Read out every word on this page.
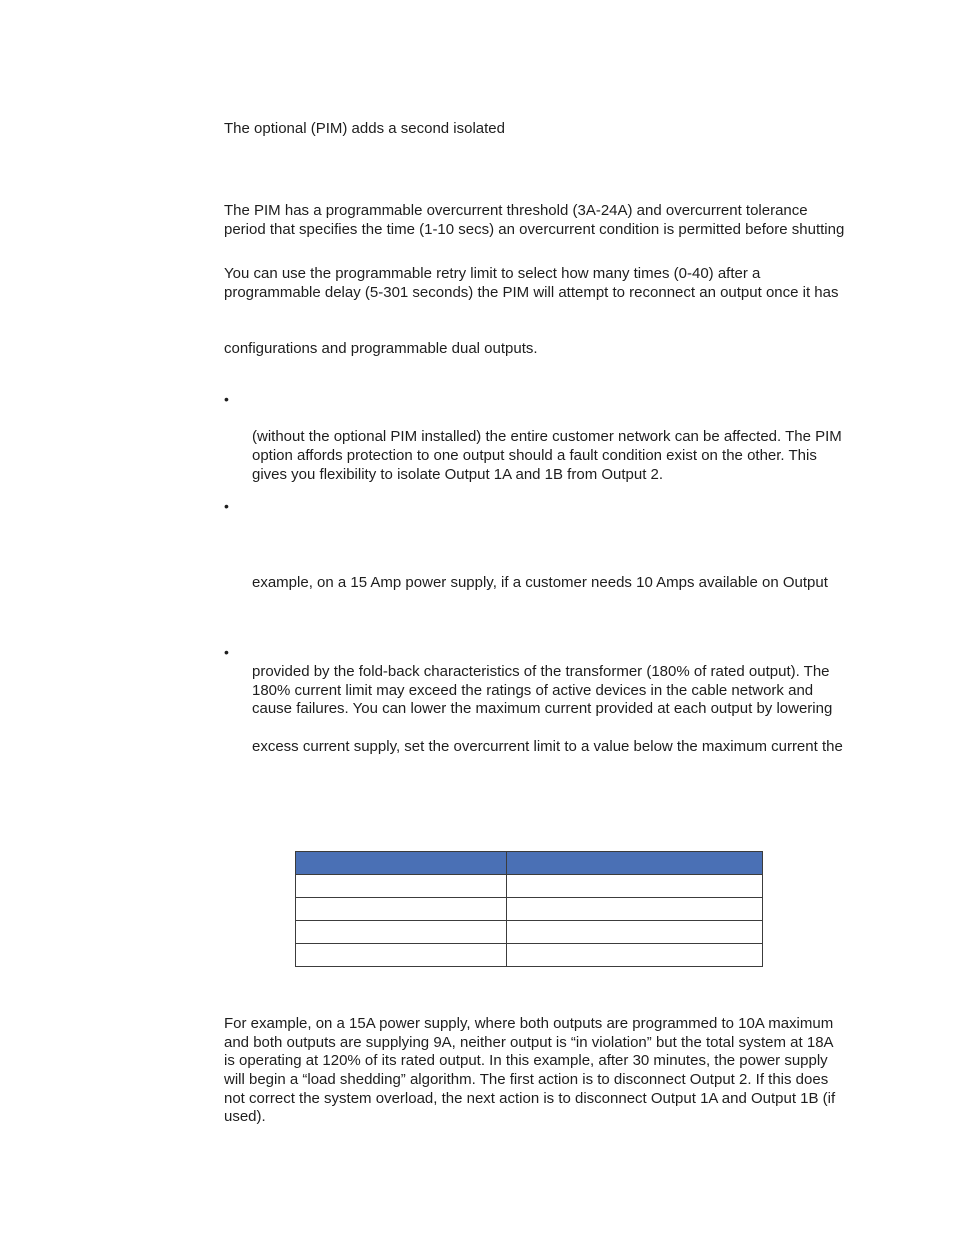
The optional (PIM) adds a second isolated
The PIM has a programmable overcurrent threshold (3A-24A) and overcurrent tolerance
period that specifies the time (1-10 secs) an overcurrent condition is permitted before shutting
You can use the programmable retry limit to select how many times (0-40) after a
programmable delay (5-301 seconds) the PIM will attempt to reconnect an output once it has
configurations and programmable dual outputs.
•
(without the optional PIM installed) the entire customer network can be affected. The PIM
option affords protection to one output should a fault condition exist on the other. This
gives you flexibility to isolate Output 1A and 1B from Output 2.
•
example, on a 15 Amp power supply, if a customer needs 10 Amps available on Output
•
provided by the fold-back characteristics of the transformer (180% of rated output). The
180% current limit may exceed the ratings of active devices in the cable network and
cause failures. You can lower the maximum current provided at each output by lowering
excess current supply, set the overcurrent limit to a value below the maximum current the

For example, on a 15A power supply, where both outputs are programmed to 10A maximum
and both outputs are supplying 9A, neither output is “in violation” but the total system at 18A
is operating at 120% of its rated output. In this example, after 30 minutes, the power supply
will begin a “load shedding” algorithm. The first action is to disconnect Output 2. If this does
not correct the system overload, the next action is to disconnect Output 1A and Output 1B (if
used).
